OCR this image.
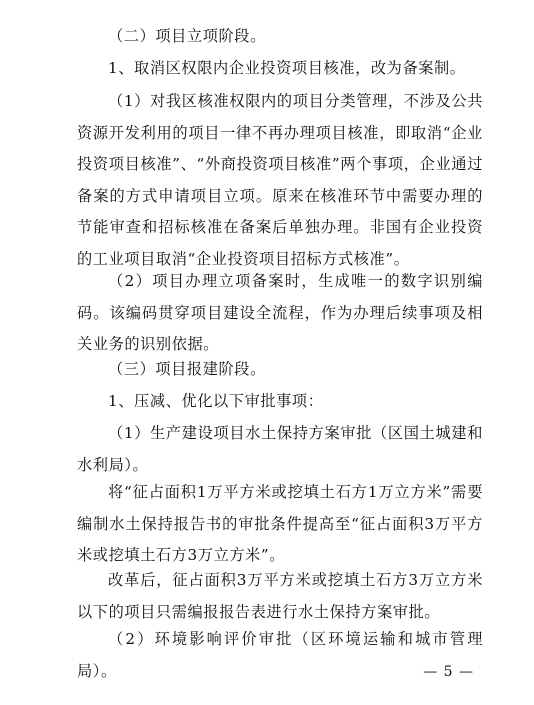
（二）项目立项阶段。

1、取消区权限内企业投资项目核准，改为备案制。

（1）对我区核准权限内的项目分类管理，不涉及公共资源开发利用的项目一律不再办理项目核准，即取消“企业投资项目核准”、“外商投资项目核准”两个事项，企业通过备案的方式申请项目立项。原来在核准环节中需要办理的节能审查和招标核准在备案后单独办理。非国有企业投资的工业项目取消“企业投资项目招标方式核准”。

（2）项目办理立项备案时，生成唯一的数字识别编码。该编码贯穿项目建设全流程，作为办理后续事项及相关业务的识别依据。

（三）项目报建阶段。

1、压减、优化以下审批事项：

（1）生产建设项目水土保持方案审批（区国土城建和水利局）。

将“征占面积1万平方米或挖填土石方1万立方米”需要编制水土保持报告书的审批条件提高至“征占面积3万平方米或挖填土石方3万立方米”。

改革后，征占面积3万平方米或挖填土石方3万立方米以下的项目只需编报报告表进行水土保持方案审批。

（2）环境影响评价审批（区环境运输和城市管理局）。	— 5 —
